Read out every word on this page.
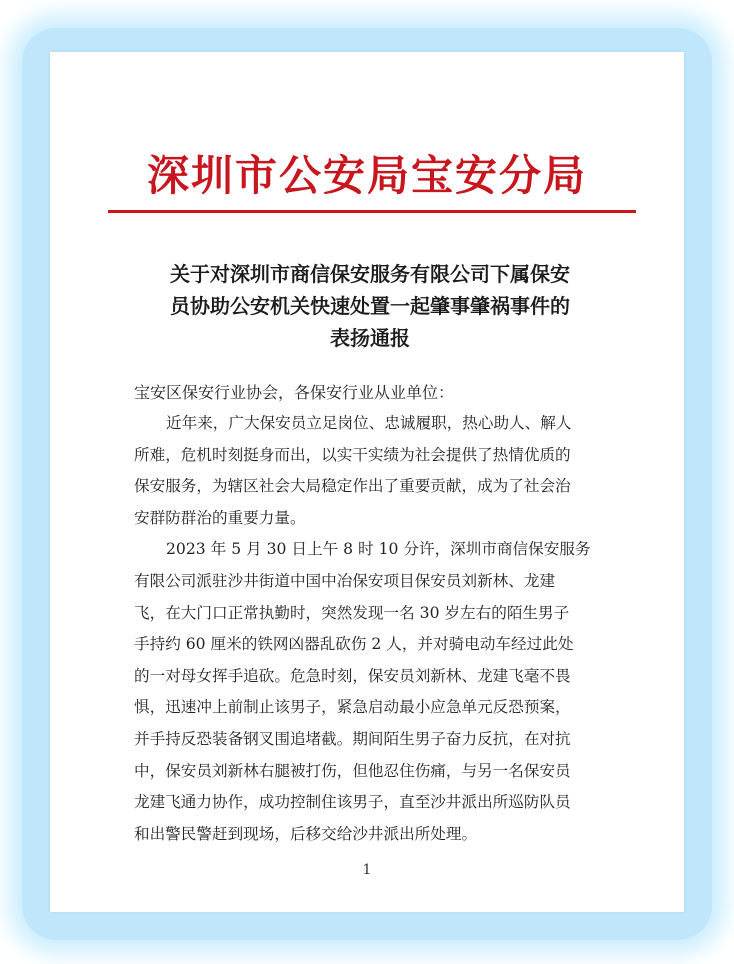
深圳市公安局宝安分局
关于对深圳市商信保安服务有限公司下属保安
员协助公安机关快速处置一起肇事肇祸事件的
表扬通报
宝安区保安行业协会，各保安行业从业单位：
近年来，广大保安员立足岗位、忠诚履职，热心助人、解人
所难，危机时刻挺身而出，以实干实绩为社会提供了热情优质的
保安服务，为辖区社会大局稳定作出了重要贡献，成为了社会治
安群防群治的重要力量。
2023 年 5 月 30 日上午 8 时 10 分许，深圳市商信保安服务
有限公司派驻沙井街道中国中冶保安项目保安员刘新林、龙建
飞，在大门口正常执勤时，突然发现一名 30 岁左右的陌生男子
手持约 60 厘米的铁网凶器乱砍伤 2 人，并对骑电动车经过此处
的一对母女挥手追砍。危急时刻，保安员刘新林、龙建飞毫不畏
惧，迅速冲上前制止该男子，紧急启动最小应急单元反恐预案，
并手持反恐装备钢叉围追堵截。期间陌生男子奋力反抗，在对抗
中，保安员刘新林右腿被打伤，但他忍住伤痛，与另一名保安员
龙建飞通力协作，成功控制住该男子，直至沙井派出所巡防队员
和出警民警赶到现场，后移交给沙井派出所处理。
1
